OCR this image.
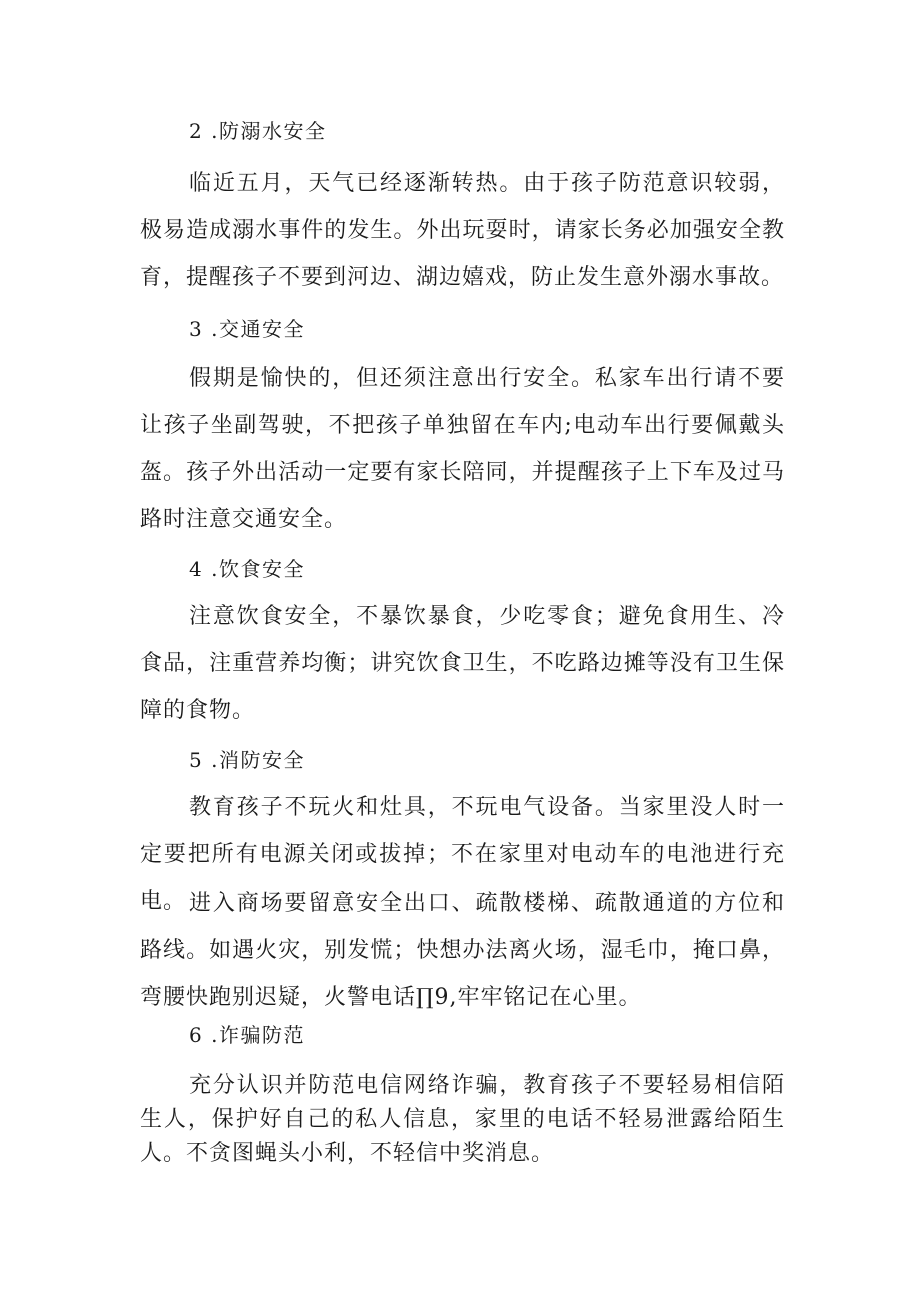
2 .防溺水安全
临近五月，天气已经逐渐转热。由于孩子防范意识较弱，极易造成溺水事件的发生。外出玩耍时，请家长务必加强安全教育，提醒孩子不要到河边、湖边嬉戏，防止发生意外溺水事故。
3 .交通安全
假期是愉快的，但还须注意出行安全。私家车出行请不要让孩子坐副驾驶，不把孩子单独留在车内;电动车出行要佩戴头盔。孩子外出活动一定要有家长陪同，并提醒孩子上下车及过马路时注意交通安全。
4 .饮食安全
注意饮食安全，不暴饮暴食，少吃零食；避免食用生、冷食品，注重营养均衡；讲究饮食卫生，不吃路边摊等没有卫生保障的食物。
5 .消防安全
教育孩子不玩火和灶具，不玩电气设备。当家里没人时一定要把所有电源关闭或拔掉；不在家里对电动车的电池进行充电。 进入商场要留意安全出口、疏散楼梯、疏散通道的方位和路线。如遇火灾，别发慌；快想办法离火场，湿毛巾，掩口鼻，弯腰快跑别迟疑，火警电话∏9,牢牢铭记在心里。
6 .诈骗防范
充分认识并防范电信网络诈骗，教育孩子不要轻易相信陌生人，保护好自己的私人信息，家里的电话不轻易泄露给陌生人。不贪图蝇头小利，不轻信中奖消息。
